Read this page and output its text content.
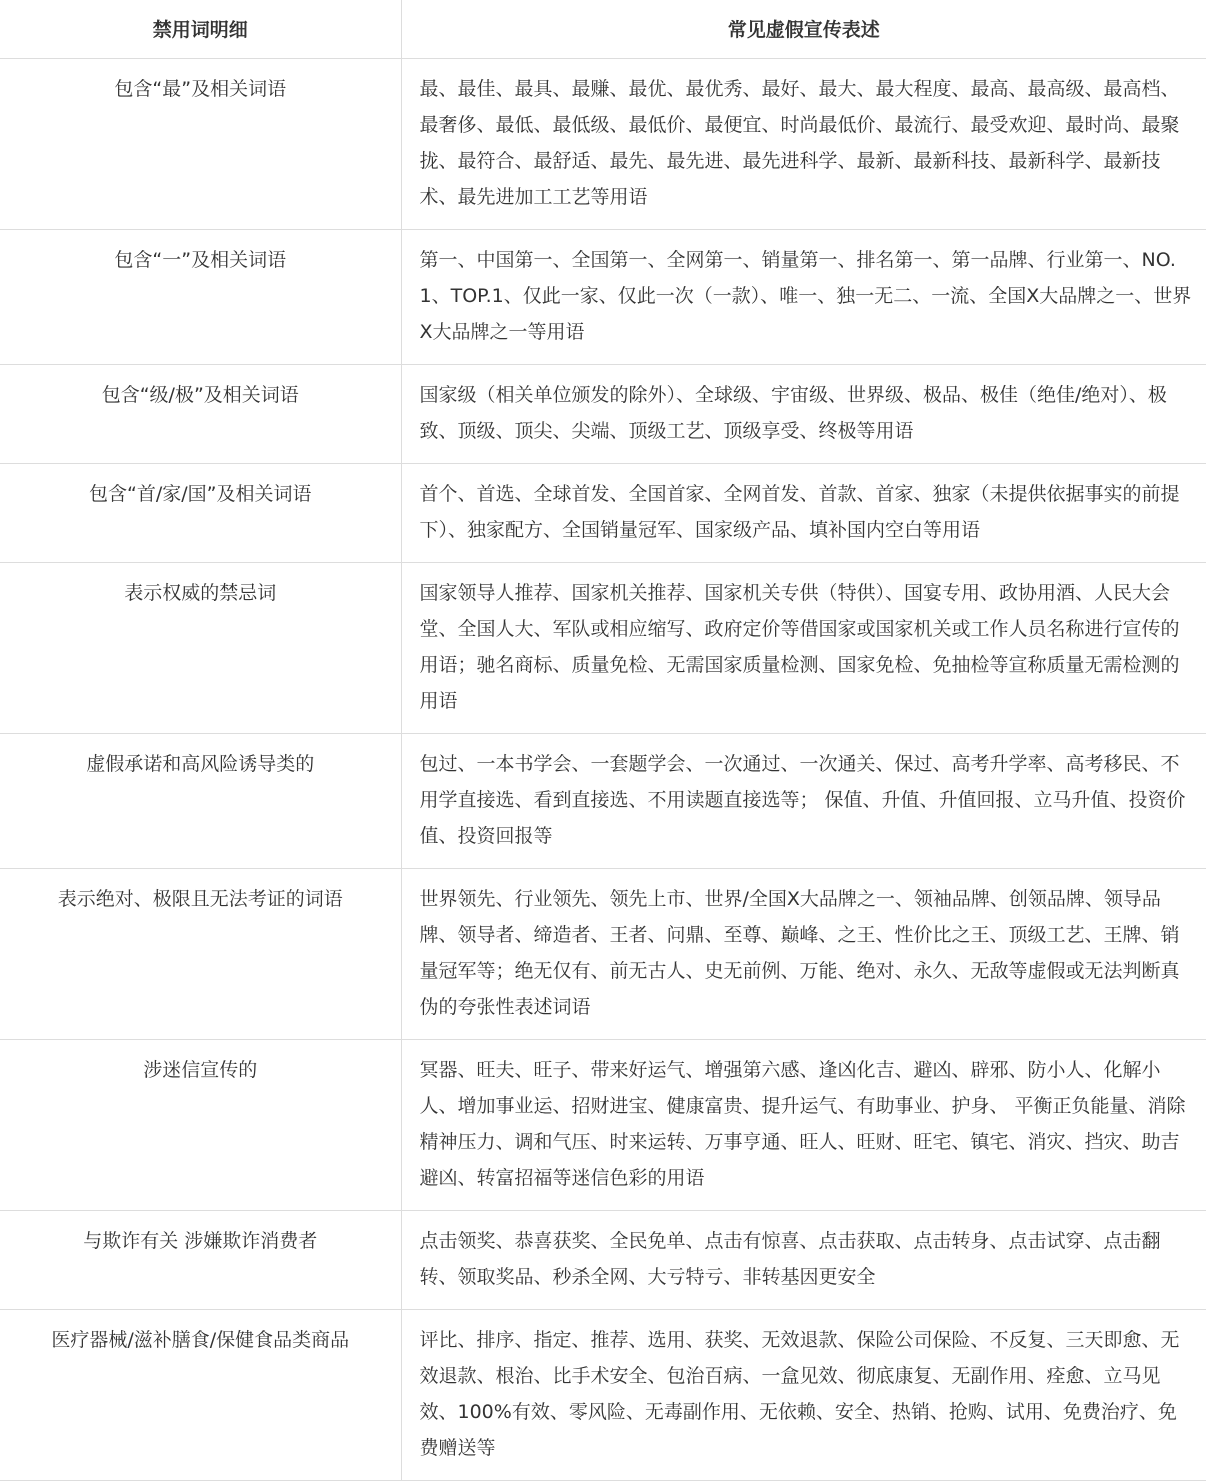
禁用词明细	常见虚假宣传表述
包含“最”及相关词语	最、最佳、最具、最赚、最优、最优秀、最好、最大、最大程度、最高、最高级、最高档、最奢侈、最低、最低级、最低价、最便宜、时尚最低价、最流行、最受欢迎、最时尚、最聚拢、最符合、最舒适、最先、最先进、最先进科学、最新、最新科技、最新科学、最新技术、最先进加工工艺等用语
包含“一”及相关词语	第一、中国第一、全国第一、全网第一、销量第一、排名第一、第一品牌、行业第一、NO.1、TOP.1、仅此一家、仅此一次（一款）、唯一、独一无二、一流、全国X大品牌之一、世界X大品牌之一等用语
包含“级/极”及相关词语	国家级（相关单位颁发的除外）、全球级、宇宙级、世界级、极品、极佳（绝佳/绝对）、极致、顶级、顶尖、尖端、顶级工艺、顶级享受、终极等用语
包含“首/家/国”及相关词语	首个、首选、全球首发、全国首家、全网首发、首款、首家、独家（未提供依据事实的前提下）、独家配方、全国销量冠军、国家级产品、填补国内空白等用语
表示权威的禁忌词	国家领导人推荐、国家机关推荐、国家机关专供（特供）、国宴专用、政协用酒、人民大会堂、全国人大、军队或相应缩写、政府定价等借国家或国家机关或工作人员名称进行宣传的用语；驰名商标、质量免检、无需国家质量检测、国家免检、免抽检等宣称质量无需检测的用语
虚假承诺和高风险诱导类的	包过、一本书学会、一套题学会、一次通过、一次通关、保过、高考升学率、高考移民、不用学直接选、看到直接选、不用读题直接选等； 保值、升值、升值回报、立马升值、投资价值、投资回报等
表示绝对、极限且无法考证的词语	世界领先、行业领先、领先上市、世界/全国X大品牌之一、领袖品牌、创领品牌、领导品牌、领导者、缔造者、王者、问鼎、至尊、巅峰、之王、性价比之王、顶级工艺、王牌、销量冠军等；绝无仅有、前无古人、史无前例、万能、绝对、永久、无敌等虚假或无法判断真伪的夸张性表述词语
涉迷信宣传的	冥器、旺夫、旺子、带来好运气、增强第六感、逢凶化吉、避凶、辟邪、防小人、化解小人、增加事业运、招财进宝、健康富贵、提升运气、有助事业、护身、 平衡正负能量、消除精神压力、调和气压、时来运转、万事亨通、旺人、旺财、旺宅、镇宅、消灾、挡灾、助吉避凶、转富招福等迷信色彩的用语
与欺诈有关 涉嫌欺诈消费者	点击领奖、恭喜获奖、全民免单、点击有惊喜、点击获取、点击转身、点击试穿、点击翻转、领取奖品、秒杀全网、大亏特亏、非转基因更安全
医疗器械/滋补膳食/保健食品类商品	评比、排序、指定、推荐、选用、获奖、无效退款、保险公司保险、不反复、三天即愈、无效退款、根治、比手术安全、包治百病、一盒见效、彻底康复、无副作用、痊愈、立马见效、100%有效、零风险、无毒副作用、无依赖、安全、热销、抢购、试用、免费治疗、免费赠送等
